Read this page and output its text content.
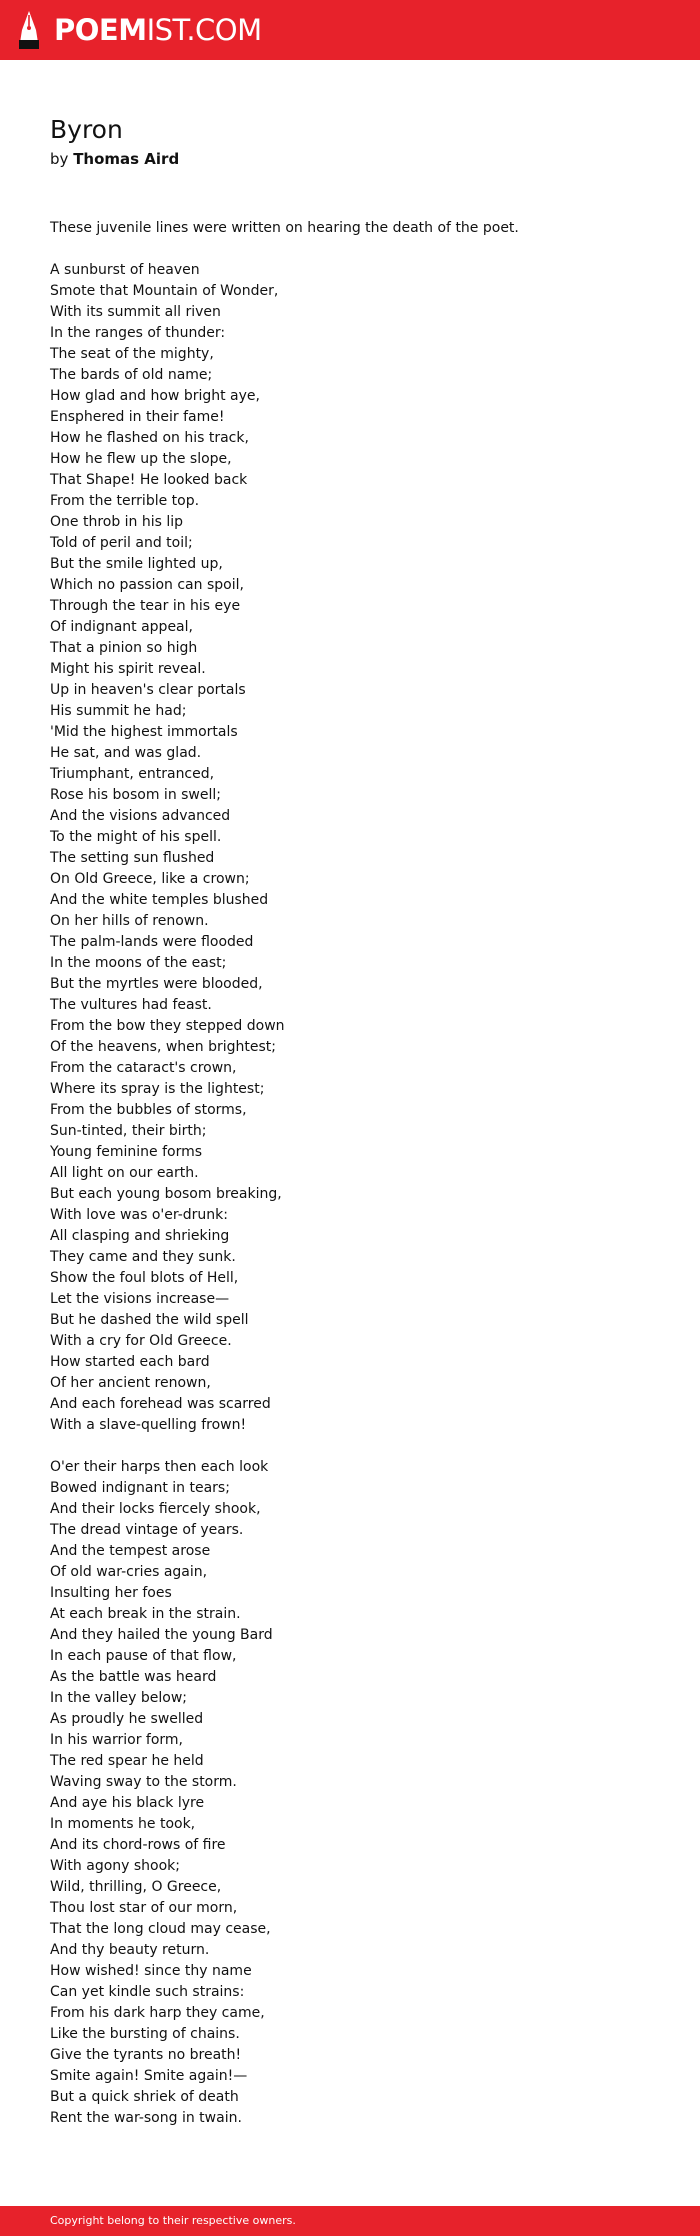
POEMIST.COM
Byron
by Thomas Aird
These juvenile lines were written on hearing the death of the poet.
A sunburst of heaven
Smote that Mountain of Wonder,
With its summit all riven
In the ranges of thunder:
The seat of the mighty,
The bards of old name;
How glad and how bright aye,
Ensphered in their fame!
How he flashed on his track,
How he flew up the slope,
That Shape! He looked back
From the terrible top.
One throb in his lip
Told of peril and toil;
But the smile lighted up,
Which no passion can spoil,
Through the tear in his eye
Of indignant appeal,
That a pinion so high
Might his spirit reveal.
Up in heaven's clear portals
His summit he had;
'Mid the highest immortals
He sat, and was glad.
Triumphant, entranced,
Rose his bosom in swell;
And the visions advanced
To the might of his spell.
The setting sun flushed
On Old Greece, like a crown;
And the white temples blushed
On her hills of renown.
The palm-lands were flooded
In the moons of the east;
But the myrtles were blooded,
The vultures had feast.
From the bow they stepped down
Of the heavens, when brightest;
From the cataract's crown,
Where its spray is the lightest;
From the bubbles of storms,
Sun-tinted, their birth;
Young feminine forms
All light on our earth.
But each young bosom breaking,
With love was o'er-drunk:
All clasping and shrieking
They came and they sunk.
Show the foul blots of Hell,
Let the visions increase—
But he dashed the wild spell
With a cry for Old Greece.
How started each bard
Of her ancient renown,
And each forehead was scarred
With a slave-quelling frown!
O'er their harps then each look
Bowed indignant in tears;
And their locks fiercely shook,
The dread vintage of years.
And the tempest arose
Of old war-cries again,
Insulting her foes
At each break in the strain.
And they hailed the young Bard
In each pause of that flow,
As the battle was heard
In the valley below;
As proudly he swelled
In his warrior form,
The red spear he held
Waving sway to the storm.
And aye his black lyre
In moments he took,
And its chord-rows of fire
With agony shook;
Wild, thrilling, O Greece,
Thou lost star of our morn,
That the long cloud may cease,
And thy beauty return.
How wished! since thy name
Can yet kindle such strains:
From his dark harp they came,
Like the bursting of chains.
Give the tyrants no breath!
Smite again! Smite again!—
But a quick shriek of death
Rent the war-song in twain.
Copyright belong to their respective owners.
